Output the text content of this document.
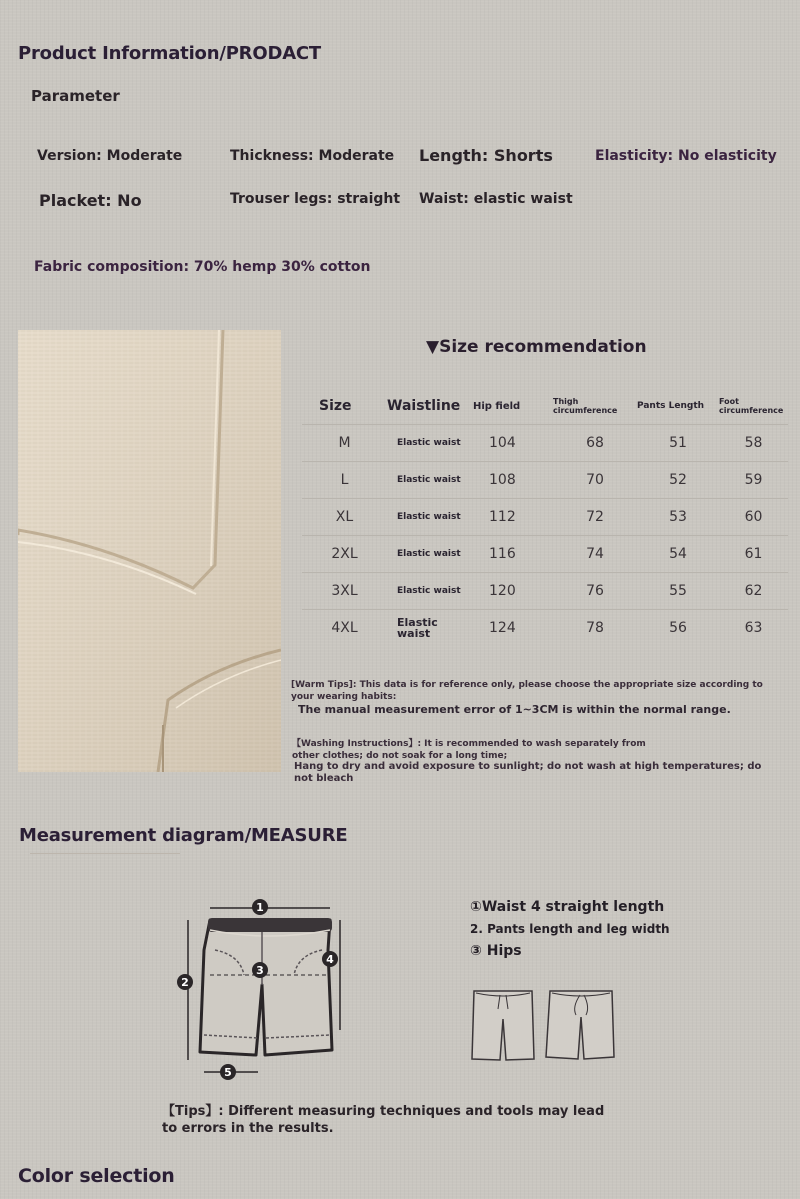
Product Information/PRODACT
Parameter
Version: Moderate	Thickness: Moderate Length: Shorts	Elasticity: No elasticity
Placket: No	Trouser legs: straight Waist: elastic waist
Fabric composition: 70% hemp 30% cotton
▼Size recommendation
Size	Waistline	Hip field	Thigh circumference	Pants Length	Foot circumference
M	Elastic waist	104	68	51	58
L	Elastic waist	108	70	52	59
XL	Elastic waist	112	72	53	60
2XL	Elastic waist	116	74	54	61
3XL	Elastic waist	120	76	55	62
4XL	Elastic waist	124	78	56	63
[Warm Tips]: This data is for reference only, please choose the appropriate size according to your wearing habits:
The manual measurement error of 1~3CM is within the normal range.
【Washing Instructions】: It is recommended to wash separately from other clothes; do not soak for a long time;
Hang to dry and avoid exposure to sunlight; do not wash at high temperatures; do not bleach
Measurement diagram/MEASURE
1
2
3
4
5
①Waist 4 straight length
2. Pants length and leg width
③ Hips
【Tips】: Different measuring techniques and tools may lead to errors in the results.
Color selection
